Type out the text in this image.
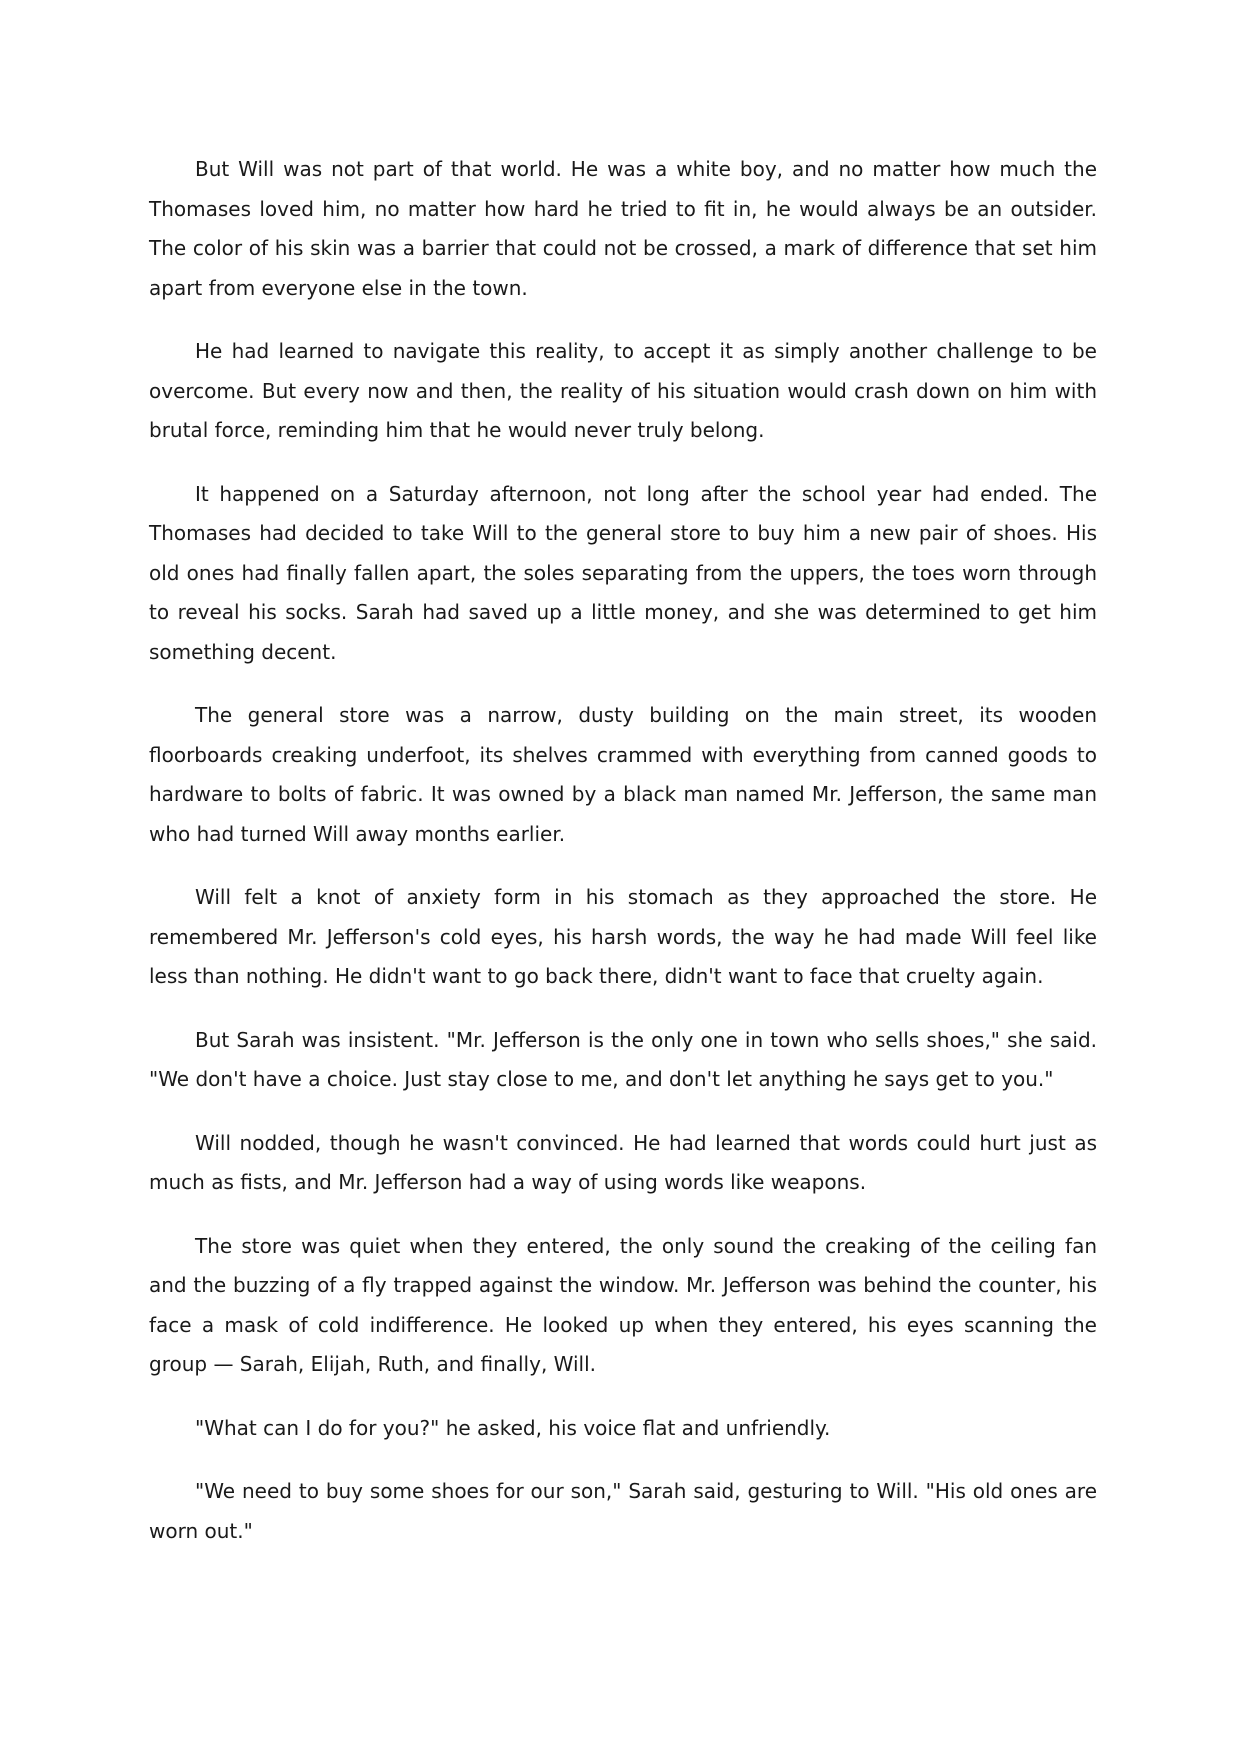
But Will was not part of that world. He was a white boy, and no matter how much the Thomases loved him, no matter how hard he tried to fit in, he would always be an outsider. The color of his skin was a barrier that could not be crossed, a mark of difference that set him apart from everyone else in the town.

He had learned to navigate this reality, to accept it as simply another challenge to be overcome. But every now and then, the reality of his situation would crash down on him with brutal force, reminding him that he would never truly belong.

It happened on a Saturday afternoon, not long after the school year had ended. The Thomases had decided to take Will to the general store to buy him a new pair of shoes. His old ones had finally fallen apart, the soles separating from the uppers, the toes worn through to reveal his socks. Sarah had saved up a little money, and she was determined to get him something decent.

The general store was a narrow, dusty building on the main street, its wooden floorboards creaking underfoot, its shelves crammed with everything from canned goods to hardware to bolts of fabric. It was owned by a black man named Mr. Jefferson, the same man who had turned Will away months earlier.

Will felt a knot of anxiety form in his stomach as they approached the store. He remembered Mr. Jefferson's cold eyes, his harsh words, the way he had made Will feel like less than nothing. He didn't want to go back there, didn't want to face that cruelty again.

But Sarah was insistent. "Mr. Jefferson is the only one in town who sells shoes," she said. "We don't have a choice. Just stay close to me, and don't let anything he says get to you."

Will nodded, though he wasn't convinced. He had learned that words could hurt just as much as fists, and Mr. Jefferson had a way of using words like weapons.

The store was quiet when they entered, the only sound the creaking of the ceiling fan and the buzzing of a fly trapped against the window. Mr. Jefferson was behind the counter, his face a mask of cold indifference. He looked up when they entered, his eyes scanning the group — Sarah, Elijah, Ruth, and finally, Will.

"What can I do for you?" he asked, his voice flat and unfriendly.

"We need to buy some shoes for our son," Sarah said, gesturing to Will. "His old ones are worn out."
